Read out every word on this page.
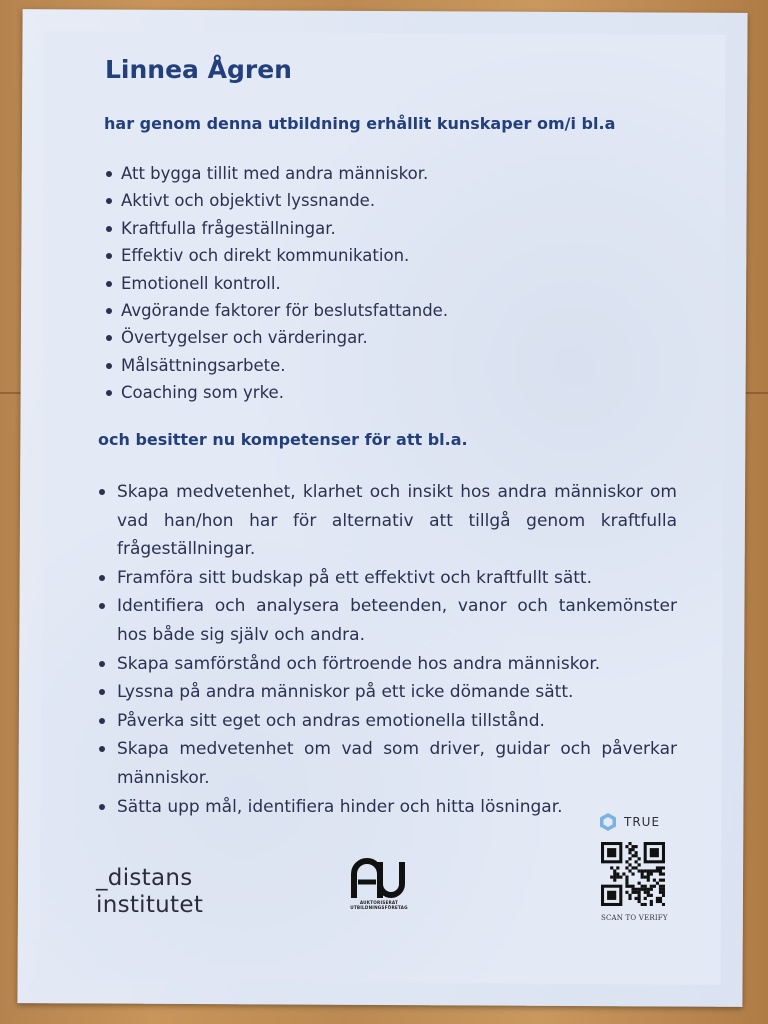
Linnea Ågren

har genom denna utbildning erhållit kunskaper om/i bl.a

Att bygga tillit med andra människor.
Aktivt och objektivt lyssnande.
Kraftfulla frågeställningar.
Effektiv och direkt kommunikation.
Emotionell kontroll.
Avgörande faktorer för beslutsfattande.
Övertygelser och värderingar.
Målsättningsarbete.
Coaching som yrke.

och besitter nu kompetenser för att bl.a.

Skapa medvetenhet, klarhet och insikt hos andra människor om vad han/hon har för alternativ att tillgå genom kraftfulla frågeställningar.
Framföra sitt budskap på ett effektivt och kraftfullt sätt.
Identifiera och analysera beteenden, vanor och tankemönster hos både sig själv och andra.
Skapa samförstånd och förtroende hos andra människor.
Lyssna på andra människor på ett icke dömande sätt.
Påverka sitt eget och andras emotionella tillstånd.
Skapa medvetenhet om vad som driver, guidar och påverkar människor.
Sätta upp mål, identifiera hinder och hitta lösningar.
_distans
institutet	AUKTORISERAT
UTBILDNINGSFÖRETAG
TRUE
SCAN TO VERIFY
